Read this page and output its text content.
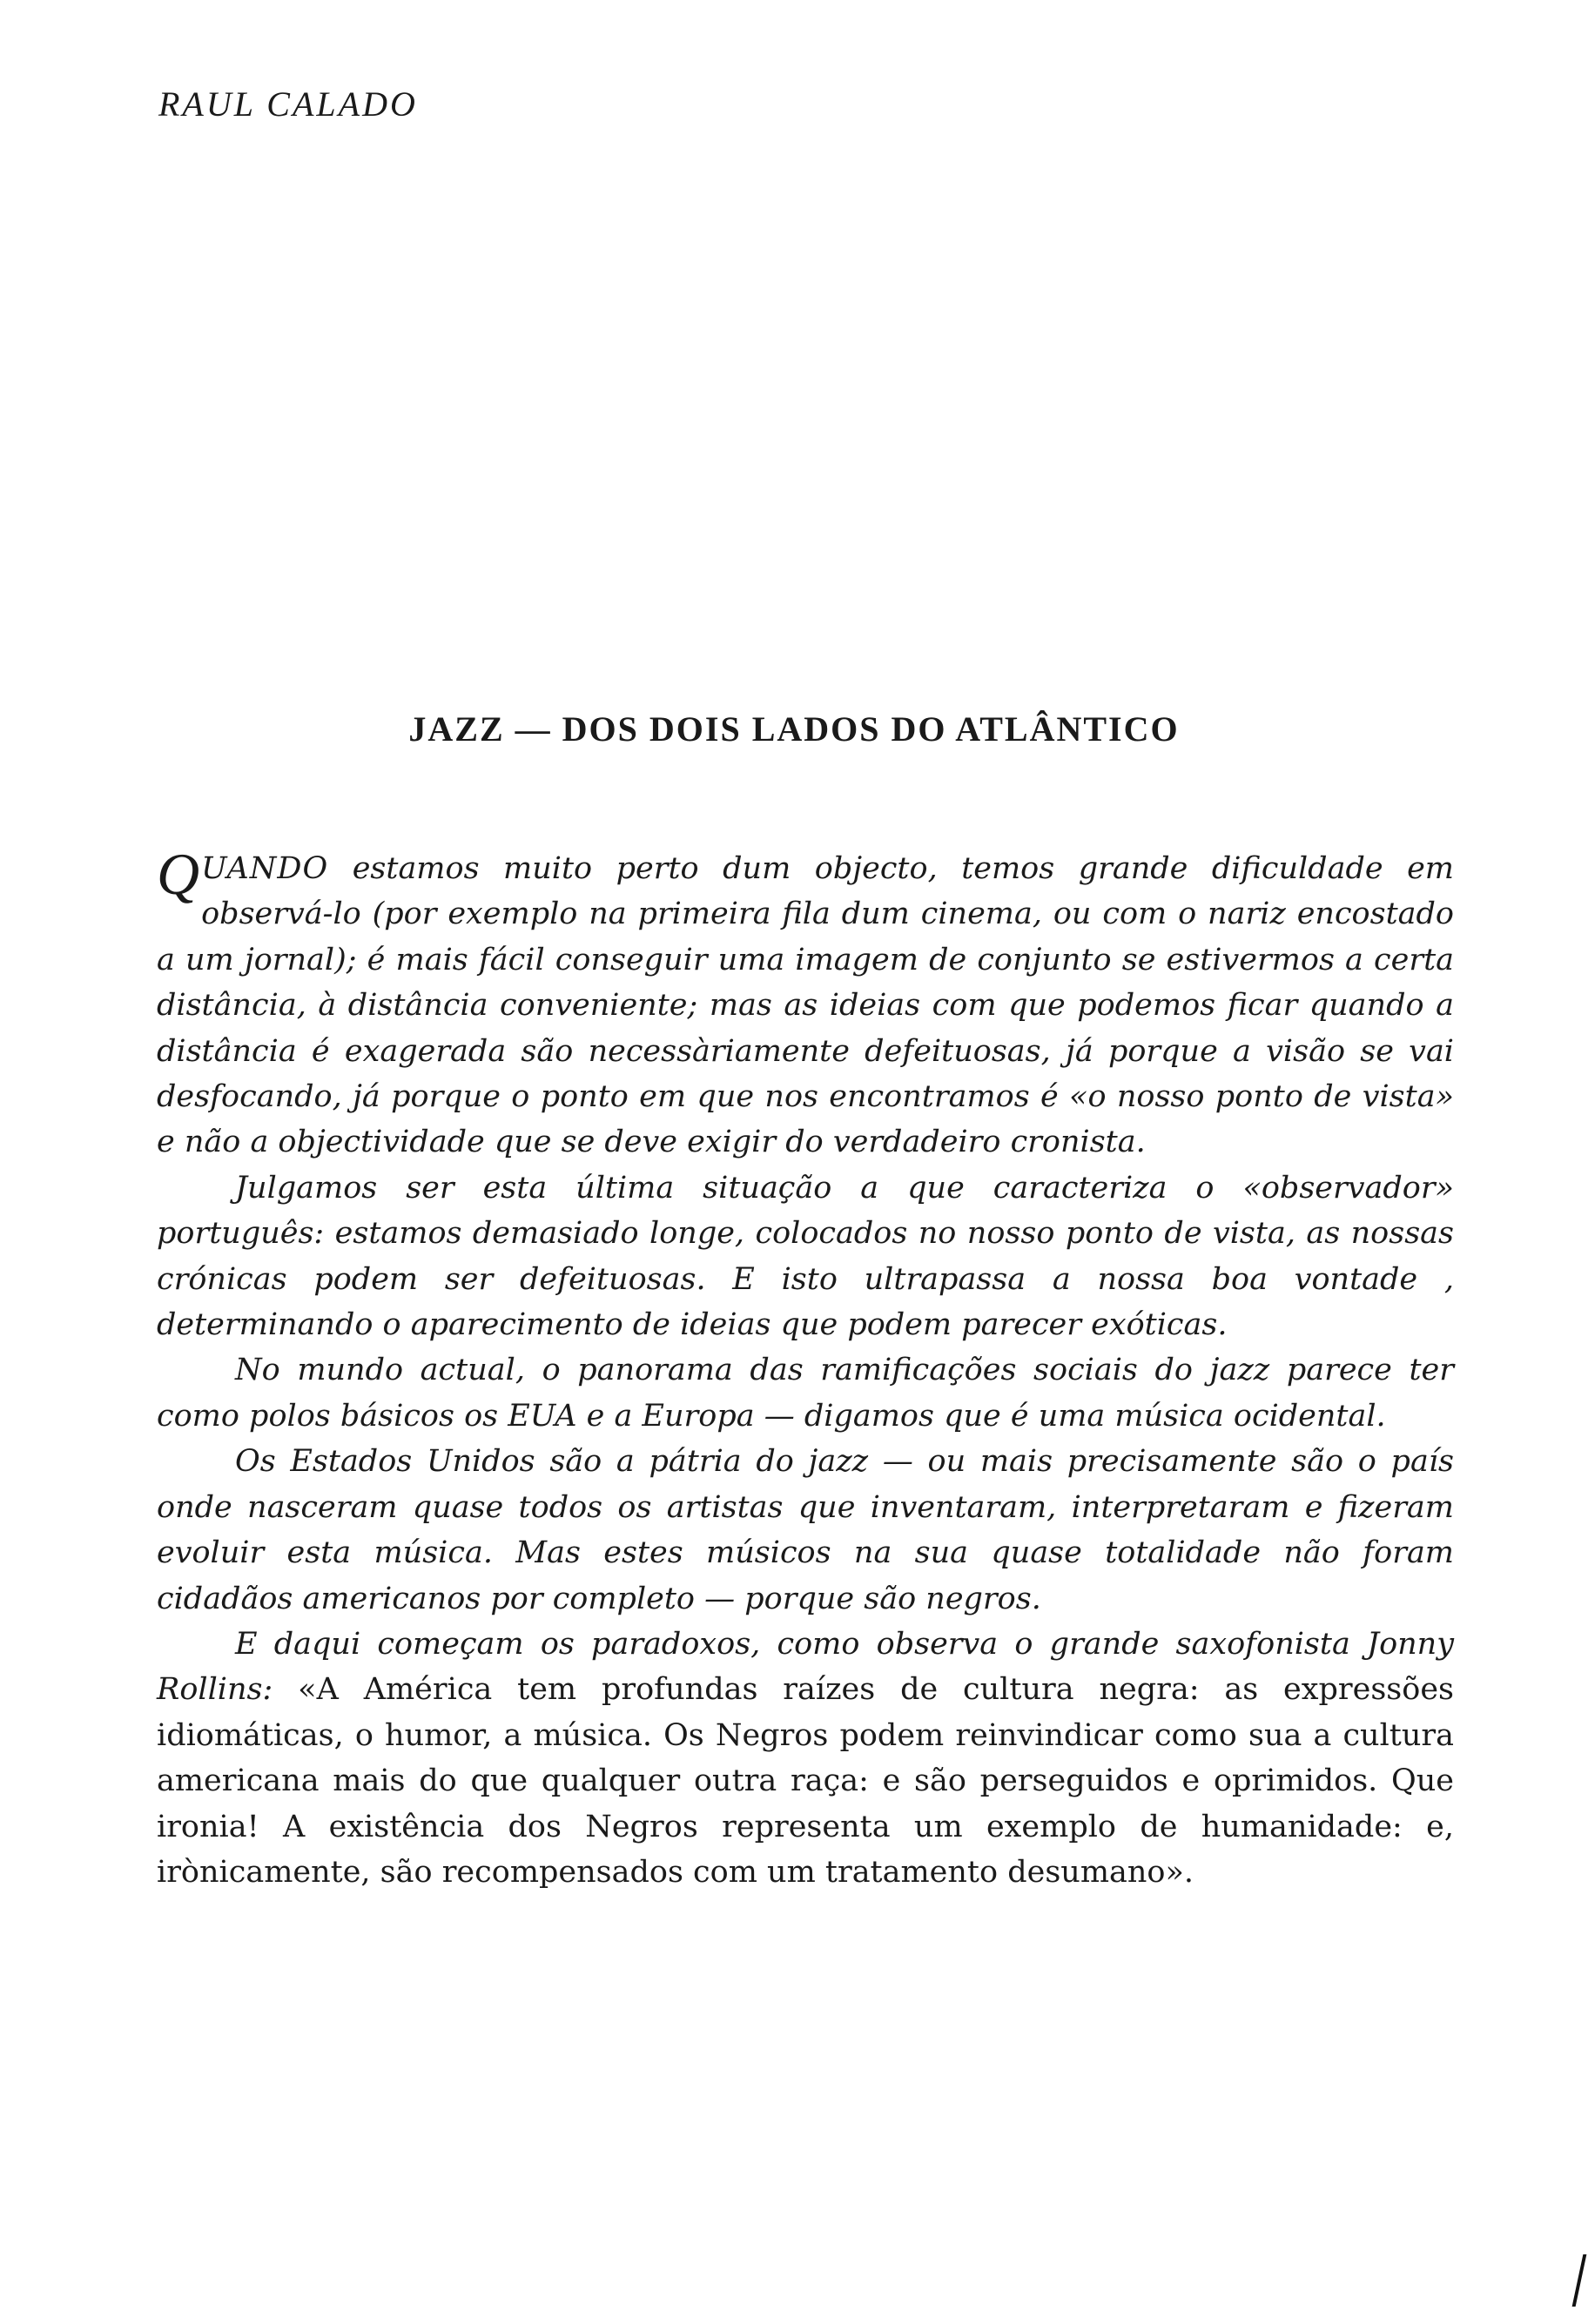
RAUL CALADO
JAZZ — DOS DOIS LADOS DO ATLÂNTICO

QUANDO estamos muito perto dum objecto, temos grande dificuldade em observá-lo (por exemplo na primeira fila dum cinema, ou com o nariz encostado a um jornal); é mais fácil conseguir uma imagem de conjunto se estivermos a certa distância, à distância conveniente; mas as ideias com que podemos ficar quando a distância é exagerada são necessàriamente defeituosas, já porque a visão se vai desfocando, já porque o ponto em que nos encontramos é «o nosso ponto de vista» e não a objectividade que se deve exigir do verdadeiro cronista.

Julgamos ser esta última situação a que caracteriza o «observador» português: estamos demasiado longe, colocados no nosso ponto de vista, as nossas crónicas podem ser defeituosas. E isto ultrapassa a nossa boa vontade , determinando o aparecimento de ideias que podem parecer exóticas.

No mundo actual, o panorama das ramificações sociais do jazz parece ter como polos básicos os EUA e a Europa — digamos que é uma música ocidental.

Os Estados Unidos são a pátria do jazz — ou mais precisamente são o país onde nasceram quase todos os artistas que inventaram, interpretaram e fizeram evoluir esta música. Mas estes músicos na sua quase totalidade não foram cidadãos americanos por completo — porque são negros.

E daqui começam os paradoxos, como observa o grande saxofonista Jonny Rollins: «A América tem profundas raízes de cultura negra: as expressões idiomáticas, o humor, a música. Os Negros podem reinvindicar como sua a cultura americana mais do que qualquer outra raça: e são perseguidos e oprimidos. Que ironia! A existência dos Negros representa um exemplo de humanidade: e, irònicamente, são recompensados com um tratamento desumano».
